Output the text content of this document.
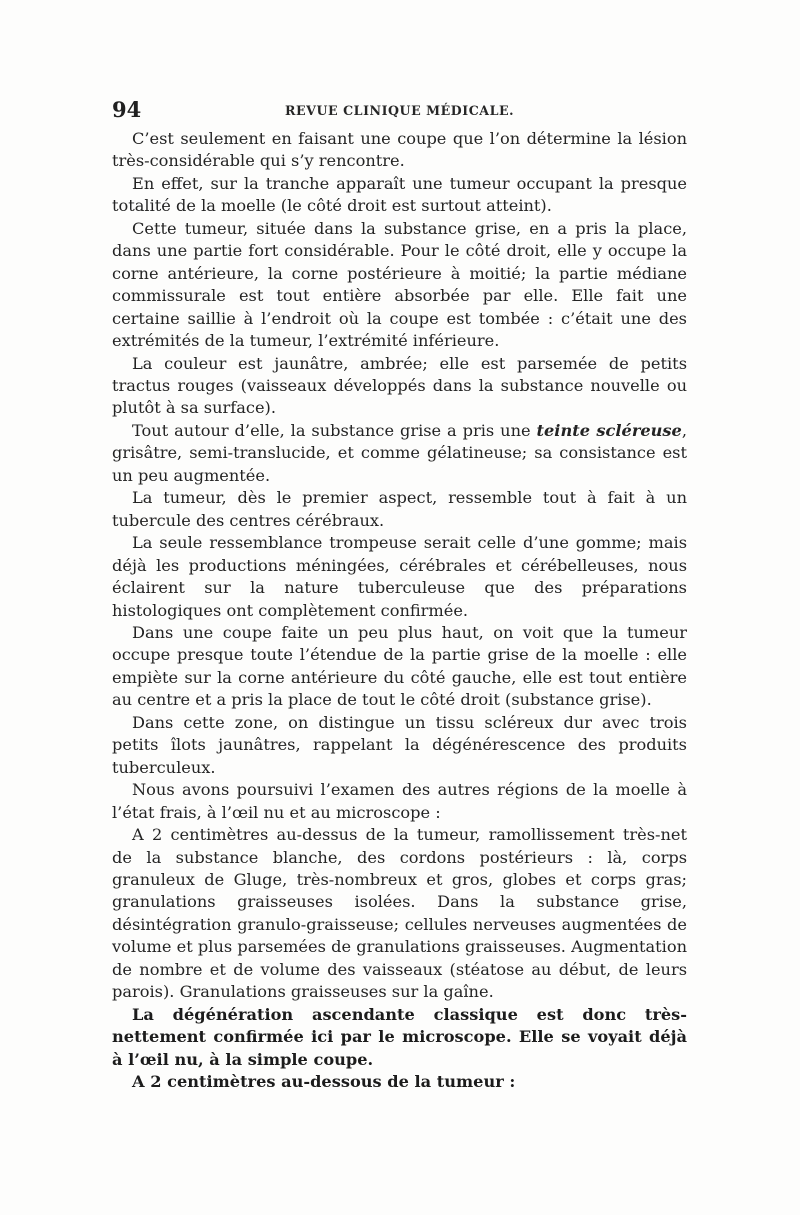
94	REVUE CLINIQUE MÉDICALE.

C’est seulement en faisant une coupe que l’on détermine la lésion très-considérable qui s’y rencontre.

En effet, sur la tranche apparaît une tumeur occupant la presque totalité de la moelle (le côté droit est surtout atteint).

Cette tumeur, située dans la substance grise, en a pris la place, dans une partie fort considérable. Pour le côté droit, elle y occupe la corne antérieure, la corne postérieure à moitié; la partie médiane commissurale est tout entière absorbée par elle. Elle fait une certaine saillie à l’endroit où la coupe est tombée : c’était une des extrémités de la tumeur, l’extrémité inférieure.

La couleur est jaunâtre, ambrée; elle est parsemée de petits tractus rouges (vaisseaux développés dans la substance nouvelle ou plutôt à sa surface).

Tout autour d’elle, la substance grise a pris une teinte scléreuse, grisâtre, semi-translucide, et comme gélatineuse; sa consistance est un peu augmentée.

La tumeur, dès le premier aspect, ressemble tout à fait à un tubercule des centres cérébraux.

La seule ressemblance trompeuse serait celle d’une gomme; mais déjà les productions méningées, cérébrales et cérébelleuses, nous éclairent sur la nature tuberculeuse que des préparations histologiques ont complètement confirmée.

Dans une coupe faite un peu plus haut, on voit que la tumeur occupe presque toute l’étendue de la partie grise de la moelle : elle empiète sur la corne antérieure du côté gauche, elle est tout entière au centre et a pris la place de tout le côté droit (substance grise).

Dans cette zone, on distingue un tissu scléreux dur avec trois petits îlots jaunâtres, rappelant la dégénérescence des produits tuberculeux.

Nous avons poursuivi l’examen des autres régions de la moelle à l’état frais, à l’œil nu et au microscope :

A 2 centimètres au-dessus de la tumeur, ramollissement très-net de la substance blanche, des cordons postérieurs : là, corps granuleux de Gluge, très-nombreux et gros, globes et corps gras; granulations graisseuses isolées. Dans la substance grise, désintégration granulo-graisseuse; cellules nerveuses augmentées de volume et plus parsemées de granulations graisseuses. Augmentation de nombre et de volume des vaisseaux (stéatose au début, de leurs parois). Granulations graisseuses sur la gaîne.

La dégénération ascendante classique est donc très-nettement confirmée ici par le microscope. Elle se voyait déjà à l’œil nu, à la simple coupe.

A 2 centimètres au-dessous de la tumeur :
